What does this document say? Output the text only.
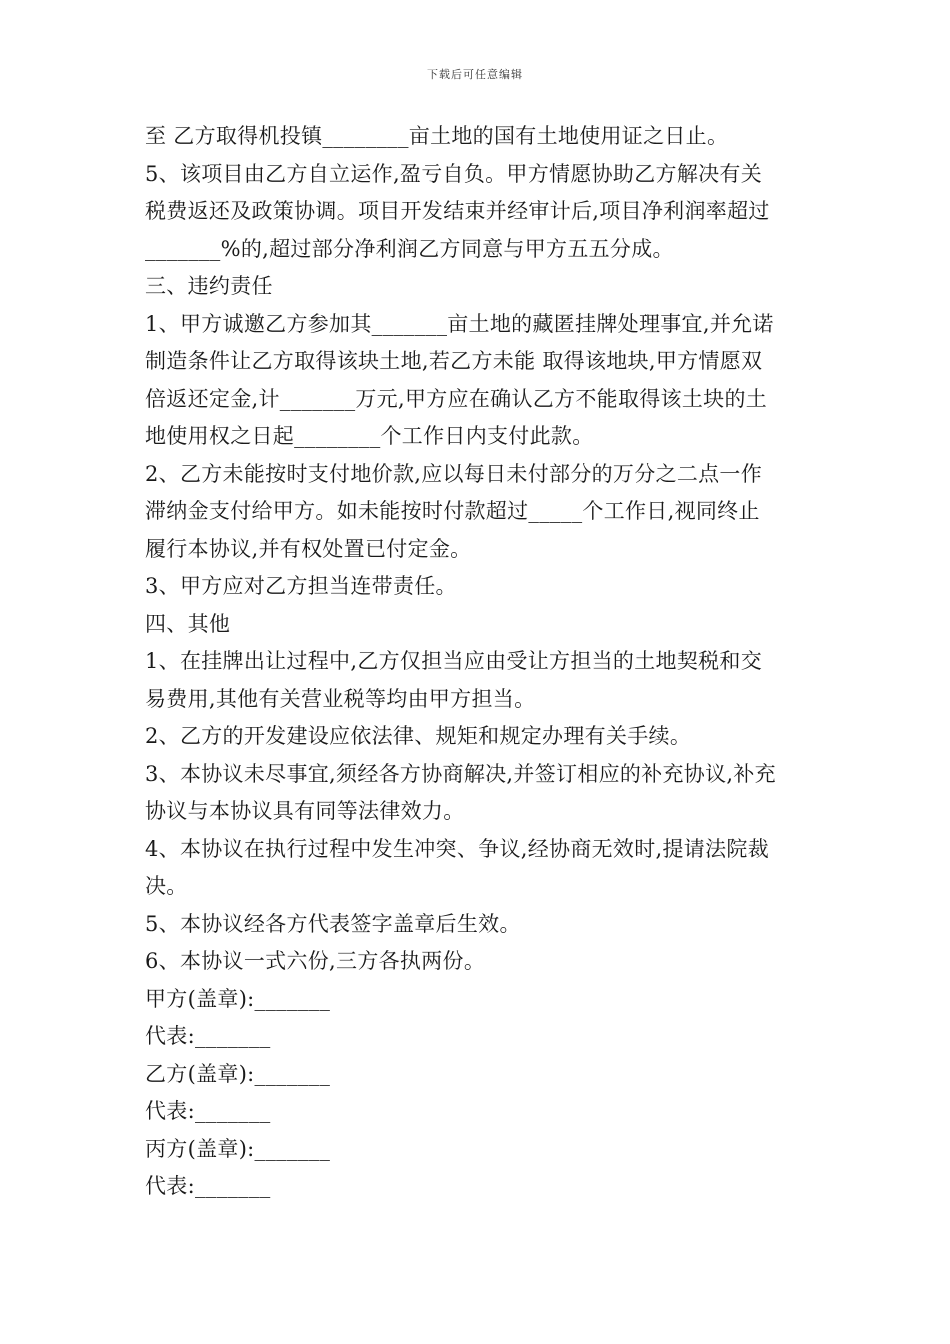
下载后可任意编辑
至 乙方取得机投镇________亩土地的国有土地使用证之日止。
5、该项目由乙方自立运作,盈亏自负。甲方情愿协助乙方解决有关
税费返还及政策协调。项目开发结束并经审计后,项目净利润率超过
_______%的,超过部分净利润乙方同意与甲方五五分成。
三、违约责任
1、甲方诚邀乙方参加其_______亩土地的藏匿挂牌处理事宜,并允诺
制造条件让乙方取得该块土地,若乙方未能 取得该地块,甲方情愿双
倍返还定金,计_______万元,甲方应在确认乙方不能取得该土块的土
地使用权之日起________个工作日内支付此款。
2、乙方未能按时支付地价款,应以每日未付部分的万分之二点一作
滞纳金支付给甲方。如未能按时付款超过_____个工作日,视同终止
履行本协议,并有权处置已付定金。
3、甲方应对乙方担当连带责任。
四、其他
1、在挂牌出让过程中,乙方仅担当应由受让方担当的土地契税和交
易费用,其他有关营业税等均由甲方担当。
2、乙方的开发建设应依法律、规矩和规定办理有关手续。
3、本协议未尽事宜,须经各方协商解决,并签订相应的补充协议,补充
协议与本协议具有同等法律效力。
4、本协议在执行过程中发生冲突、争议,经协商无效时,提请法院裁
决。
5、本协议经各方代表签字盖章后生效。
6、本协议一式六份,三方各执两份。
甲方(盖章):_______
代表:_______
乙方(盖章):_______
代表:_______
丙方(盖章):_______
代表:_______
